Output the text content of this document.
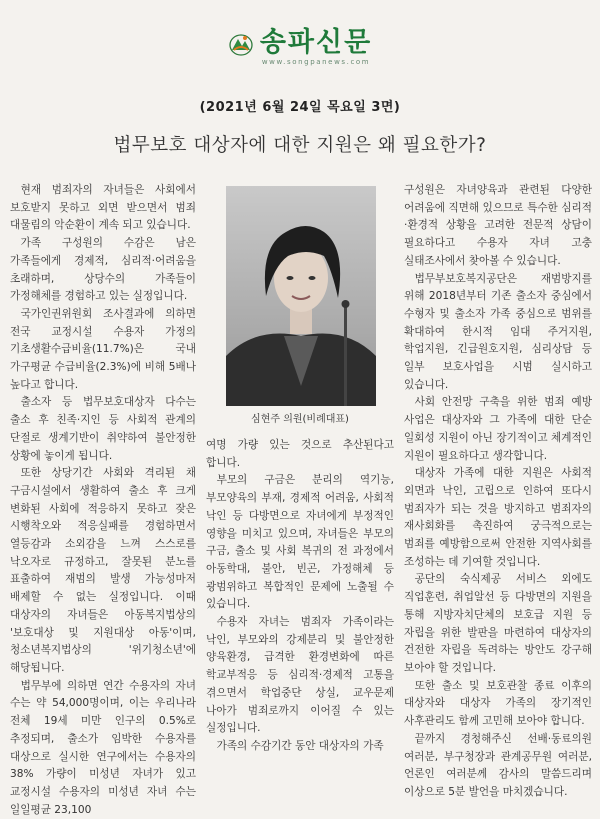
송파신문
www.songpanews.com
(2021년 6월 24일 목요일 3면)
법무보호 대상자에 대한 지원은 왜 필요한가?

현재 범죄자의 자녀들은 사회에서 보호받지 못하고 외면 받으면서 범죄 대물림의 악순환이 계속 되고 있습니다.

가족 구성원의 수감은 남은 가족들에게 경제적, 심리적·어려움을 초래하며, 상당수의 가족들이 가정해체를 경험하고 있는 실정입니다.

국가인권위원회 조사결과에 의하면 전국 교정시설 수용자 가정의 기초생활수급비율(11.7%)은 국내 가구평균 수급비율(2.3%)에 비해 5배나 높다고 합니다.

출소자 등 법무보호대상자 다수는 출소 후 친족·지인 등 사회적 관계의 단절로 생계기반이 취약하여 불안정한 상황에 놓이게 됩니다.

또한 상당기간 사회와 격리된 채 구금시설에서 생활하여 출소 후 크게 변화된 사회에 적응하지 못하고 잦은 시행착오와 적응실패를 경험하면서 열등감과 소외감을 느껴 스스로를 낙오자로 규정하고, 잘못된 분노를 표출하여 재범의 발생 가능성마저 배제할 수 없는 실정입니다. 이때 대상자의 자녀들은 아동복지법상의 '보호대상 및 지원대상 아동'이며, 청소년복지법상의 '위기청소년'에 해당됩니다.

법무부에 의하면 연간 수용자의 자녀 수는 약 54,000명이며, 이는 우리나라 전체 19세 미만 인구의 0.5%로 추정되며, 출소가 임박한 수용자를 대상으로 실시한 연구에서는 수용자의 38% 가량이 미성년 자녀가 있고 교정시설 수용자의 미성년 자녀 수는 일일평균 23,100

심현주 의원(비례대표)

여명 가량 있는 것으로 추산된다고 합니다.

부모의 구금은 분리의 역기능, 부모양육의 부재, 경제적 어려움, 사회적 낙인 등 다방면으로 자녀에게 부정적인 영향을 미치고 있으며, 자녀들은 부모의 구금, 출소 및 사회 복귀의 전 과정에서 아동학대, 불안, 빈곤, 가정해체 등 광범위하고 복합적인 문제에 노출될 수 있습니다.

수용자 자녀는 범죄자 가족이라는 낙인, 부모와의 강제분리 및 불안정한 양육환경, 급격한 환경변화에 따른 학교부적응 등 심리적·경제적 고통을 겪으면서 학업중단 상실, 교우문제 나아가 범죄로까지 이어질 수 있는 실정입니다.

가족의 수감기간 동안 대상자의 가족

구성원은 자녀양육과 관련된 다양한 어려움에 직면해 있으므로 특수한 심리적·환경적 상황을 고려한 전문적 상담이 필요하다고 수용자 자녀 고충 실태조사에서 찾아볼 수 있습니다.

법무부보호복지공단은 재범방지를 위해 2018년부터 기존 출소자 중심에서 수형자 및 출소자 가족 중심으로 범위를 확대하여 한시적 임대 주거지원, 학업지원, 긴급원호지원, 심리상담 등 일부 보호사업을 시범 실시하고 있습니다.

사회 안전망 구축을 위한 범죄 예방 사업은 대상자와 그 가족에 대한 단순 일회성 지원이 아닌 장기적이고 체계적인 지원이 필요하다고 생각합니다.

대상자 가족에 대한 지원은 사회적 외면과 낙인, 고립으로 인하여 또다시 범죄자가 되는 것을 방지하고 범죄자의 재사회화를 촉진하여 궁극적으로는 범죄를 예방함으로써 안전한 지역사회를 조성하는 데 기여할 것입니다.

공단의 숙식제공 서비스 외에도 직업훈련, 취업알선 등 다방면의 지원을 통해 지방자치단체의 보호급 지원 등 자립을 위한 발판을 마련하여 대상자의 건전한 자립을 독려하는 방안도 강구해 보아야 할 것입니다.

또한 출소 및 보호관찰 종료 이후의 대상자와 대상자 가족의 장기적인 사후관리도 함께 고민해 보아야 합니다.

끝까지 경청해주신 선배·동료의원 여러분, 부구청장과 관계공무원 여러분, 언론인 여러분께 감사의 말씀드리며 이상으로 5분 발언을 마치겠습니다.
